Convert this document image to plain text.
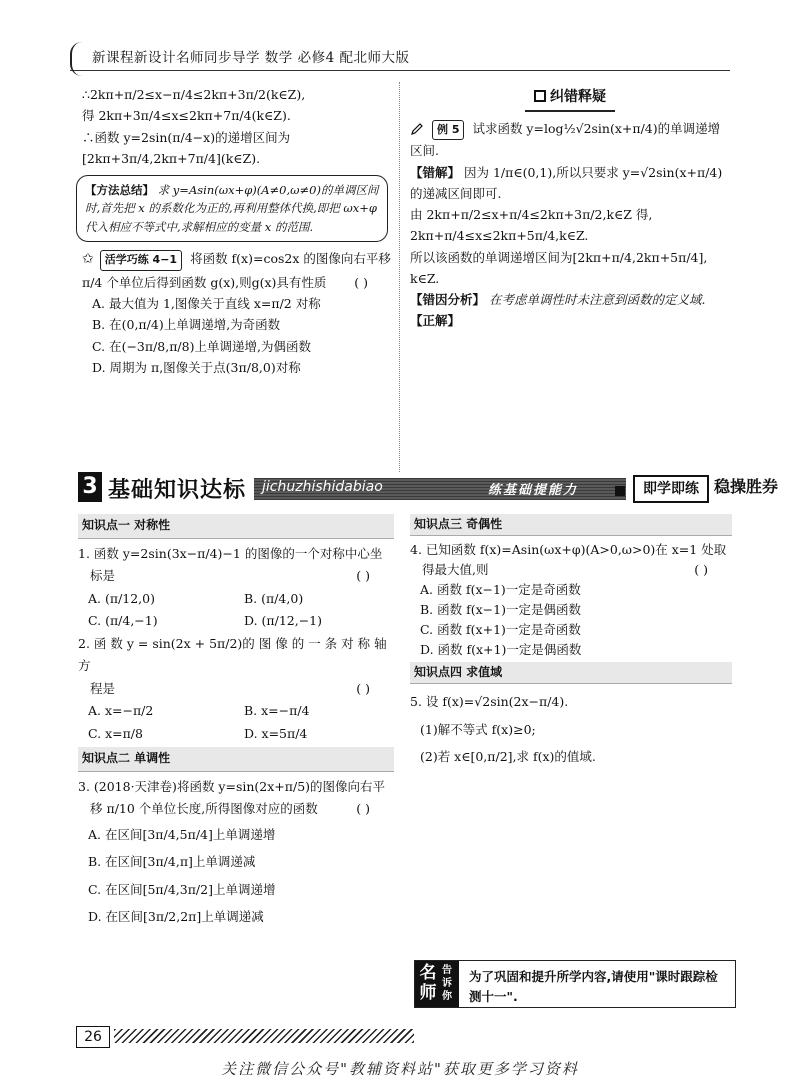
新课程新设计名师同步导学 数学 必修4 配北师大版
∴2kπ+π/2≤x−π/4≤2kπ+3π/2(k∈Z),
得 2kπ+3π/4≤x≤2kπ+7π/4(k∈Z).
∴函数 y=2sin(π/4−x)的递增区间为
[2kπ+3π/4,2kπ+7π/4](k∈Z).
【方法总结】 求 y=Asin(ωx+φ)(A≠0,ω≠0)的单调区间时,首先把 x 的系数化为正的,再利用整体代换,即把 ωx+φ 代入相应不等式中,求解相应的变量 x 的范围.
✩ 活学巧练 4−1 将函数 f(x)=cos2x 的图像向右平移 π/4 个单位后得到函数 g(x),则g(x)具有性质 ( )
A. 最大值为 1,图像关于直线 x=π/2 对称
B. 在(0,π/4)上单调递增,为奇函数
C. 在(−3π/8,π/8)上单调递增,为偶函数
D. 周期为 π,图像关于点(3π/8,0)对称
纠错释疑
例 5 试求函数 y=log½√2sin(x+π/4)的单调递增区间.
【错解】 因为 1/π∈(0,1),所以只要求 y=√2sin(x+π/4)
的递减区间即可.
由 2kπ+π/2≤x+π/4≤2kπ+3π/2,k∈Z 得,
2kπ+π/4≤x≤2kπ+5π/4,k∈Z.
所以该函数的单调递增区间为[2kπ+π/4,2kπ+5π/4],
k∈Z.
【错因分析】 在考虑单调性时未注意到函数的定义域.
【正解】
3 基础知识达标 jichuzhishidabiao	练基础提能力	即学即练 稳操胜券
知识点一 对称性
1. 函数 y=2sin(3x−π/4)−1 的图像的一个对称中心坐
标是	( )
A. (π/12,0)	B. (π/4,0)
C. (π/4,−1)	D. (π/12,−1)
2. 函 数 y = sin(2x + 5π/2)的 图 像 的 一 条 对 称 轴 方
程是	( )
A. x=−π/2	B. x=−π/4
C. x=π/8	D. x=5π/4
知识点二 单调性
3. (2018·天津卷)将函数 y=sin(2x+π/5)的图像向右平
移 π/10 个单位长度,所得图像对应的函数	( )
A. 在区间[3π/4,5π/4]上单调递增
B. 在区间[3π/4,π]上单调递减
C. 在区间[5π/4,3π/2]上单调递增
D. 在区间[3π/2,2π]上单调递减
知识点三 奇偶性
4. 已知函数 f(x)=Asin(ωx+φ)(A>0,ω>0)在 x=1 处取
得最大值,则	( )
A. 函数 f(x−1)一定是奇函数
B. 函数 f(x−1)一定是偶函数
C. 函数 f(x+1)一定是奇函数
D. 函数 f(x+1)一定是偶函数
知识点四 求值域
5. 设 f(x)=√2sin(2x−π/4).
(1)解不等式 f(x)≥0;
(2)若 x∈[0,π/2],求 f(x)的值域.
名师
告诉你
为了巩固和提升所学内容,请使用"课时跟踪检测十一".
26
关注微信公众号"教辅资料站"获取更多学习资料
